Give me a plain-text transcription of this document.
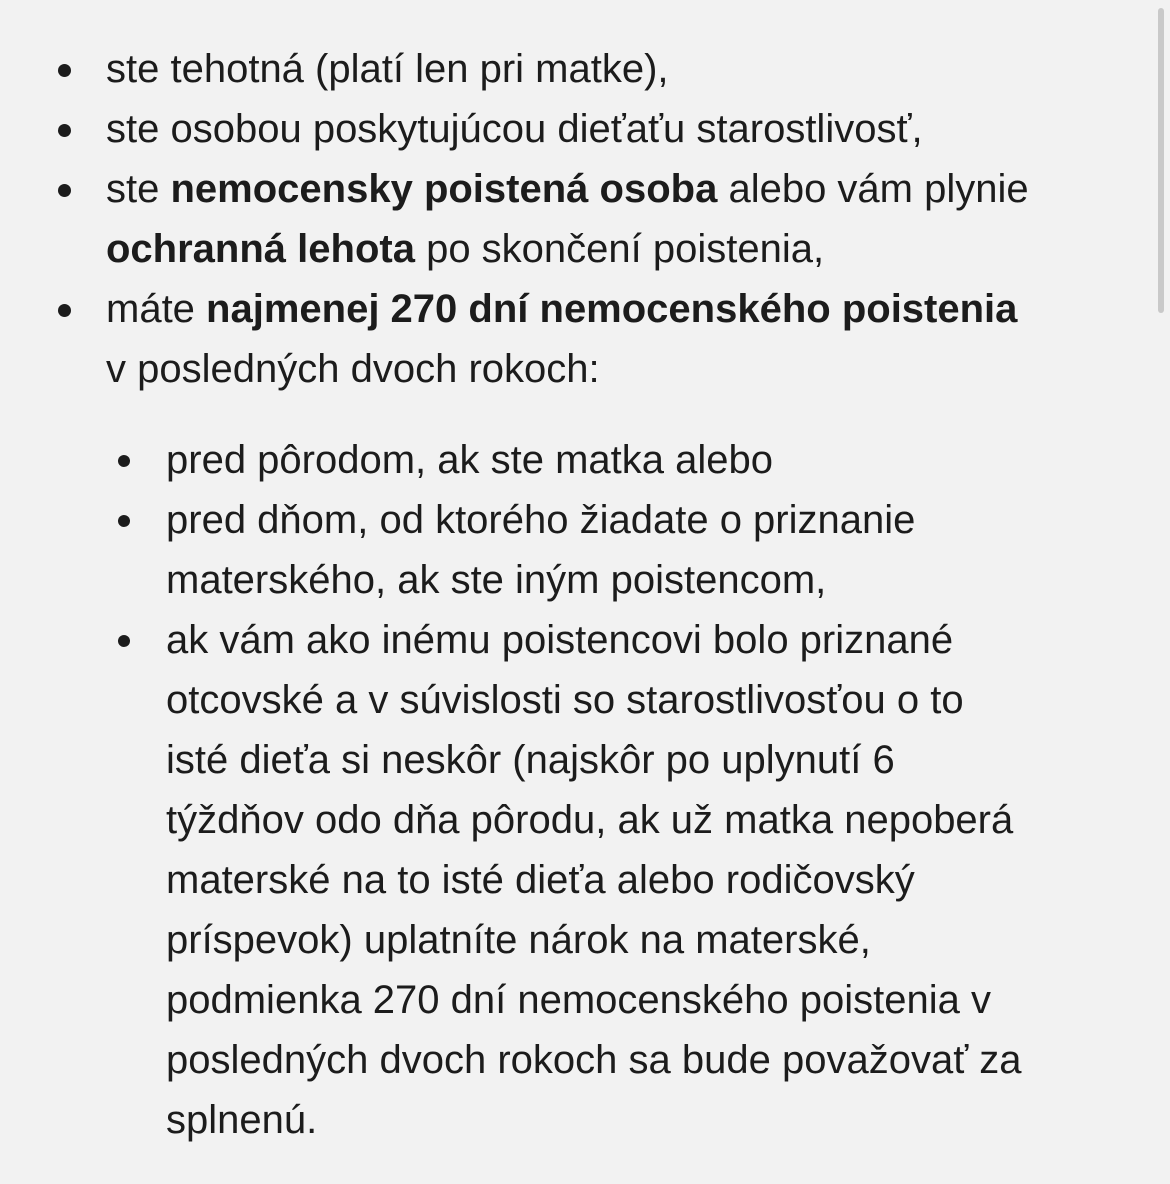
ste tehotná (platí len pri matke),
ste osobou poskytujúcou dieťaťu starostlivosť,
ste nemocensky poistená osoba alebo vám plynie
ochranná lehota po skončení poistenia,
máte najmenej 270 dní nemocenského poistenia
v posledných dvoch rokoch:
pred pôrodom, ak ste matka alebo
pred dňom, od ktorého žiadate o priznanie
materského, ak ste iným poistencom,
ak vám ako inému poistencovi bolo priznané
otcovské a v súvislosti so starostlivosťou o to
isté dieťa si neskôr (najskôr po uplynutí 6
týždňov odo dňa pôrodu, ak už matka nepoberá
materské na to isté dieťa alebo rodičovský
príspevok) uplatníte nárok na materské,
podmienka 270 dní nemocenského poistenia v
posledných dvoch rokoch sa bude považovať za
splnenú.
